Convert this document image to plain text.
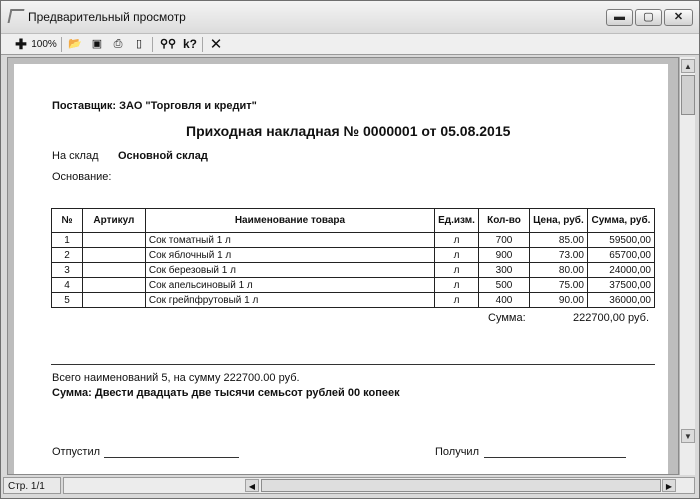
Предварительный просмотр	▬	▢	✕
✚ 100% 📂 ▣	⎙	▯	⚲⚲ k? ✕
▲
▼
Стр. 1/1	◀	▶
Поставщик: ЗАО "Торговля и кредит"
Приходная накладная № 0000001 от 05.08.2015
На склад Основной склад
Основание:
№	Артикул	Наименование товара	Ед.изм.	Кол-во	Цена, руб.	Сумма, руб.
1		Сок томатный 1 л	л	700	85.00	59500,00
2		Сок яблочный 1 л	л	900	73.00	65700,00
3		Сок березовый 1 л	л	300	80.00	24000,00
4		Сок апельсиновый 1 л	л	500	75.00	37500,00
5		Сок грейпфрутовый 1 л	л	400	90.00	36000,00
Сумма:	222700,00 руб.
Всего наименований 5, на сумму 222700.00 руб.
Сумма: Двести двадцать две тысячи семьсот рублей 00 копеек
Отпустил	Получил
